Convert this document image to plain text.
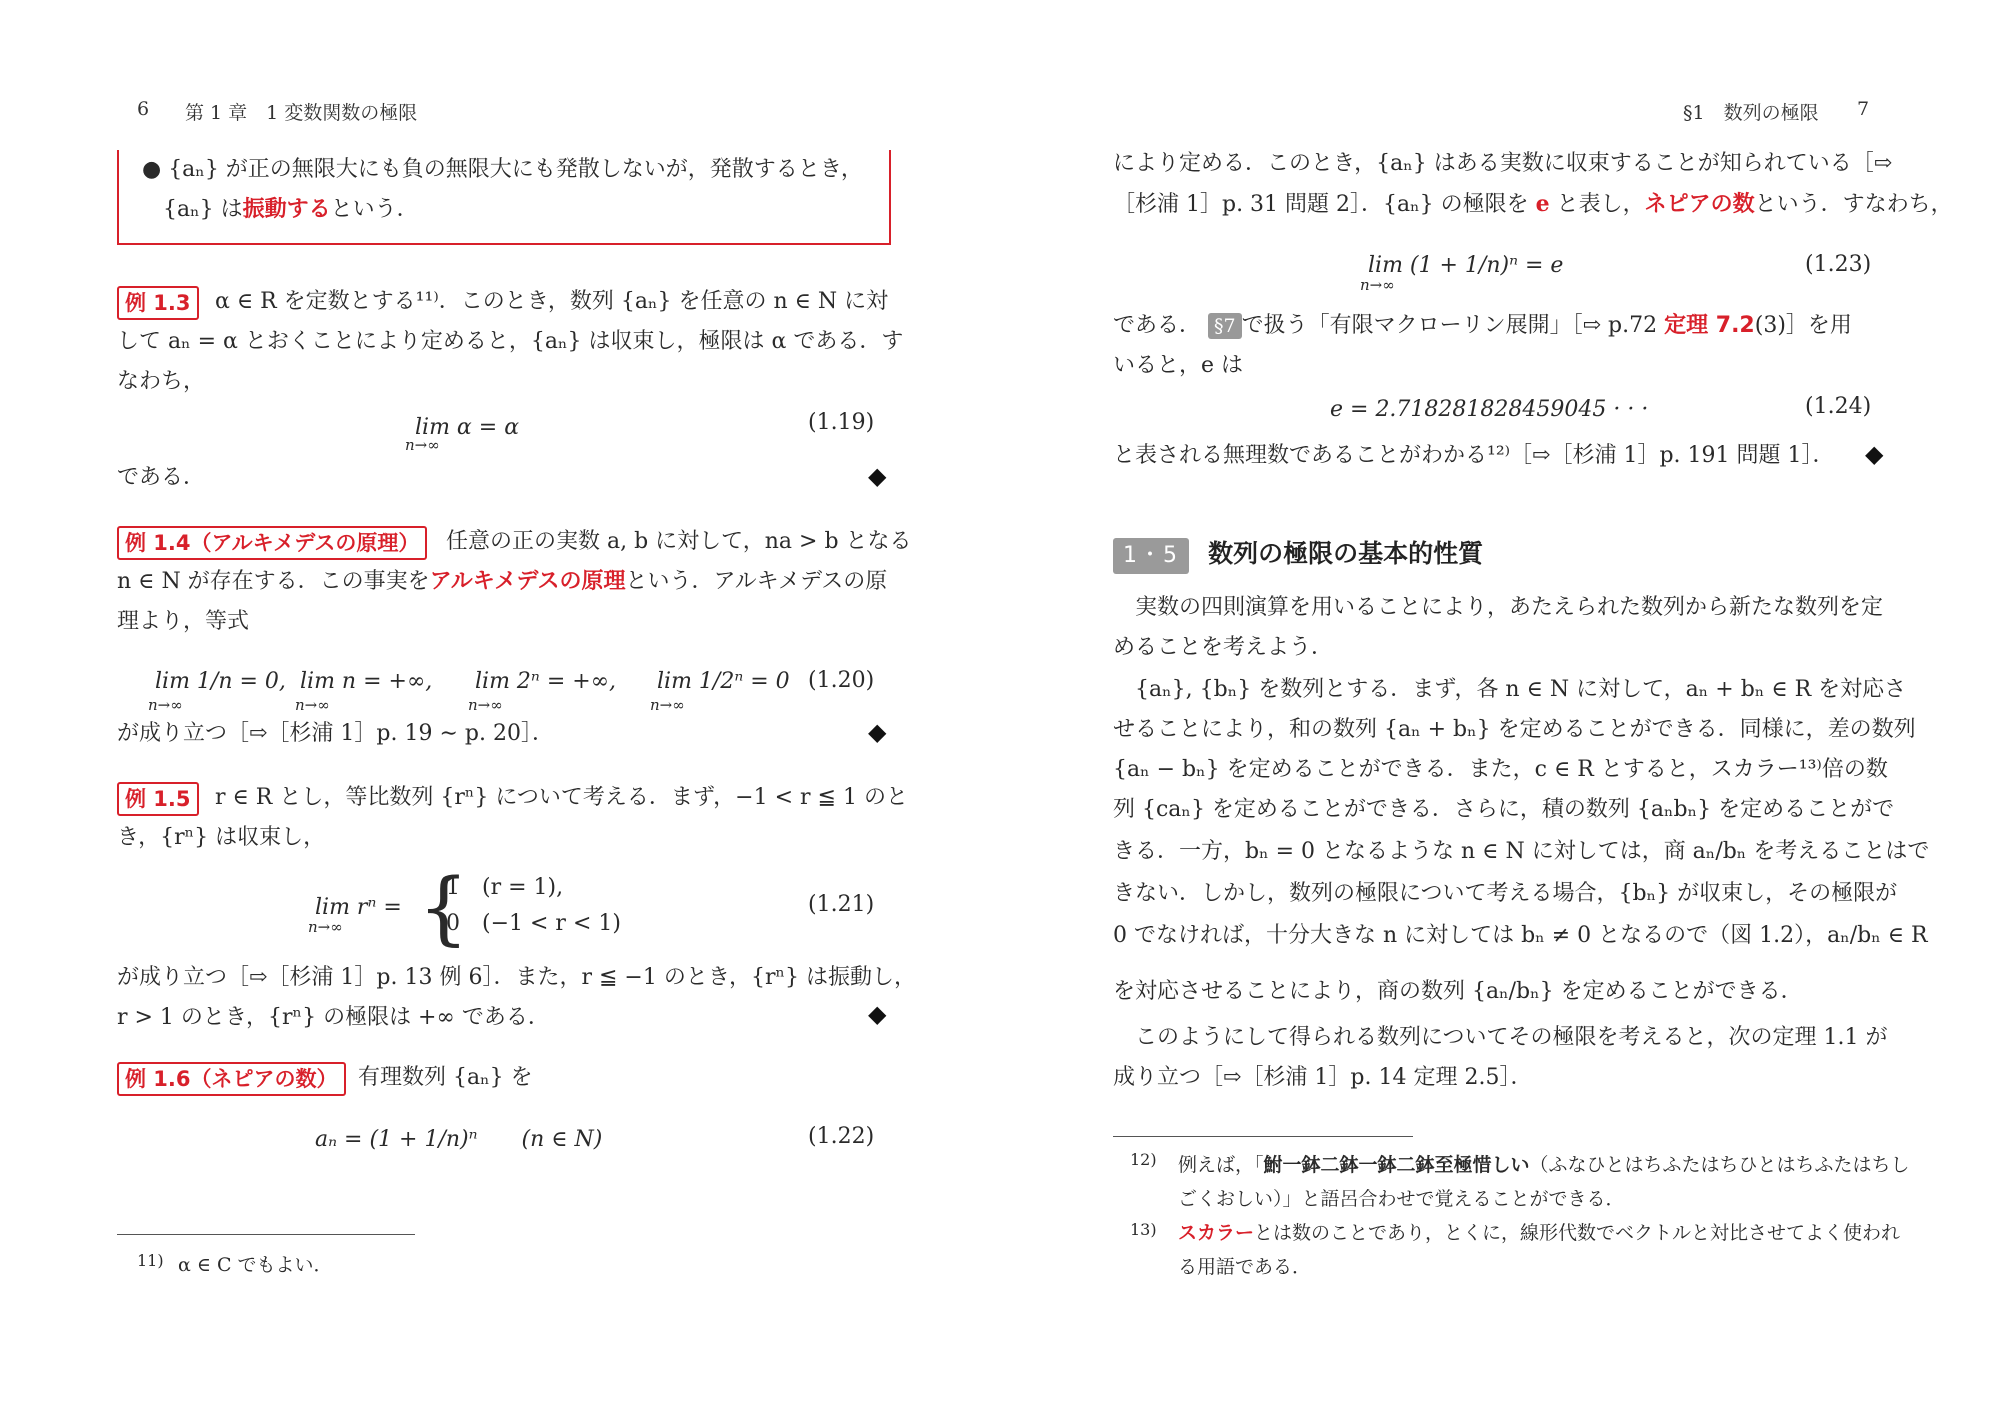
6 第 1 章　1 変数関数の極限
● {aₙ} が正の無限大にも負の無限大にも発散しないが，発散するとき，
{aₙ} は振動するという．
例 1.3	α ∈ R を定数とする¹¹⁾．このとき，数列 {aₙ} を任意の n ∈ N に対
して aₙ = α とおくことにより定めると，{aₙ} は収束し，極限は α である．す
なわち，
lim α = α
n→∞
(1.19)
である．	◆
例 1.4（アルキメデスの原理）	任意の正の実数 a, b に対して，na > b となる
n ∈ N が存在する．この事実をアルキメデスの原理という．アルキメデスの原
理より，等式
lim 1/n = 0, lim n = +∞, lim 2ⁿ = +∞, lim 1/2ⁿ = 0
n→∞	n→∞	n→∞	n→∞
(1.20)
が成り立つ［⇨［杉浦 1］p. 19 ∼ p. 20］．	◆
例 1.5	r ∈ R とし，等比数列 {rⁿ} について考える．まず，−1 < r ≦ 1 のと
き，{rⁿ} は収束し，
lim rⁿ =
n→∞ {
1　(r = 1),
0　(−1 < r < 1)
(1.21)
が成り立つ［⇨［杉浦 1］p. 13 例 6］．また，r ≦ −1 のとき，{rⁿ} は振動し，
r > 1 のとき，{rⁿ} の極限は +∞ である．	◆
例 1.6（ネピアの数） 有理数列 {aₙ} を
aₙ = (1 + 1/n)ⁿ　　(n ∈ N)	(1.22)
11) α ∈ C でもよい．
§1　数列の極限 7
により定める．このとき，{aₙ} はある実数に収束することが知られている［⇨
［杉浦 1］p. 31 問題 2］．{aₙ} の極限を e と表し，ネピアの数という．すなわち，
lim (1 + 1/n)ⁿ = e
n→∞
(1.23)
である． §7 で扱う「有限マクローリン展開」［⇨ p.72 定理 7.2(3)］を用
いると，e は
e = 2.718281828459045 · · ·	(1.24)
と表される無理数であることがわかる¹²⁾［⇨［杉浦 1］p. 191 問題 1］． ◆
1・5 数列の極限の基本的性質
実数の四則演算を用いることにより，あたえられた数列から新たな数列を定
めることを考えよう．
{aₙ}, {bₙ} を数列とする．まず，各 n ∈ N に対して，aₙ + bₙ ∈ R を対応さ
せることにより，和の数列 {aₙ + bₙ} を定めることができる．同様に，差の数列
{aₙ − bₙ} を定めることができる．また，c ∈ R とすると，スカラー¹³⁾倍の数
列 {caₙ} を定めることができる．さらに，積の数列 {aₙbₙ} を定めることがで
きる．一方，bₙ = 0 となるような n ∈ N に対しては，商 aₙ/bₙ を考えることはで
きない．しかし，数列の極限について考える場合，{bₙ} が収束し，その極限が
0 でなければ，十分大きな n に対しては bₙ ≠ 0 となるので（図 1.2），aₙ/bₙ ∈ R
を対応させることにより，商の数列 {aₙ/bₙ} を定めることができる．
このようにして得られる数列についてその極限を考えると，次の定理 1.1 が
成り立つ［⇨［杉浦 1］p. 14 定理 2.5］．
12) 例えば，「鮒一鉢二鉢一鉢二鉢至極惜しい（ふなひとはちふたはちひとはちふたはちし
ごくおしい）」と語呂合わせで覚えることができる．
13) スカラーとは数のことであり，とくに，線形代数でベクトルと対比させてよく使われ
る用語である．
